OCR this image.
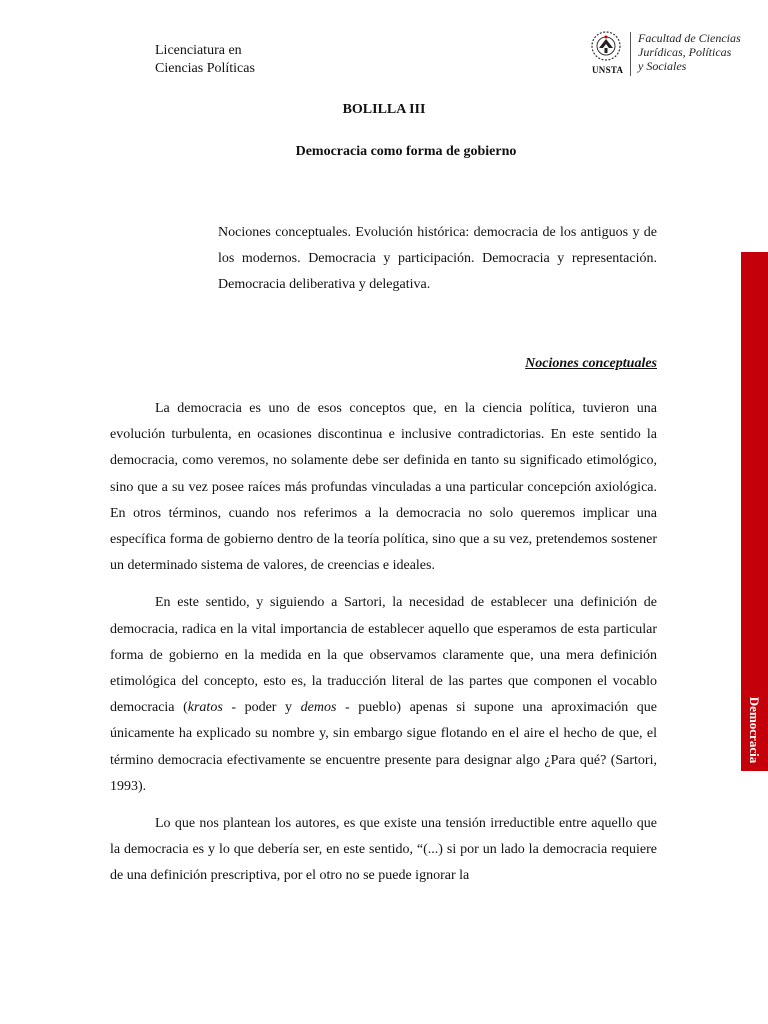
Licenciatura en
Ciencias Políticas	UNSTA
Facultad de Ciencias
Jurídicas, Políticas
y Sociales
BOLILLA III
Democracia como forma de gobierno
Nociones conceptuales. Evolución histórica: democracia de los antiguos y de los modernos. Democracia y participación. Democracia y representación. Democracia deliberativa y delegativa.
Nociones conceptuales

La democracia es uno de esos conceptos que, en la ciencia política, tuvieron una evolución turbulenta, en ocasiones discontinua e inclusive contradictorias. En este sentido la democracia, como veremos, no solamente debe ser definida en tanto su significado etimológico, sino que a su vez posee raíces más profundas vinculadas a una particular concepción axiológica. En otros términos, cuando nos referimos a la democracia no solo queremos implicar una específica forma de gobierno dentro de la teoría política, sino que a su vez, pretendemos sostener un determinado sistema de valores, de creencias e ideales.

En este sentido, y siguiendo a Sartori, la necesidad de establecer una definición de democracia, radica en la vital importancia de establecer aquello que esperamos de esta particular forma de gobierno en la medida en la que observamos claramente que, una mera definición etimológica del concepto, esto es, la traducción literal de las partes que componen el vocablo democracia (kratos - poder y demos - pueblo) apenas si supone una aproximación que únicamente ha explicado su nombre y, sin embargo sigue flotando en el aire el hecho de que, el término democracia efectivamente se encuentre presente para designar algo ¿Para qué? (Sartori, 1993).

Lo que nos plantean los autores, es que existe una tensión irreductible entre aquello que la democracia es y lo que debería ser, en este sentido, “(...) si por un lado la democracia requiere de una definición prescriptiva, por el otro no se puede ignorar la

Democracia
